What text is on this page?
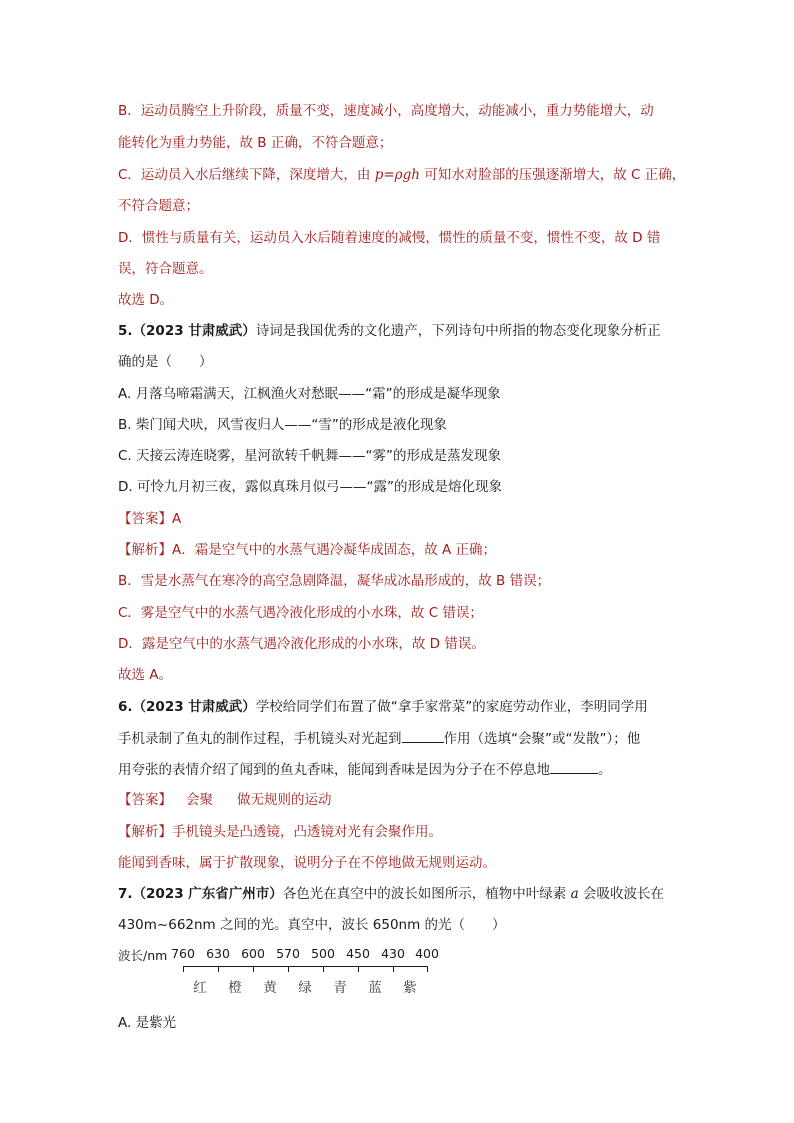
B．运动员腾空上升阶段，质量不变，速度减小，高度增大，动能减小，重力势能增大，动
能转化为重力势能，故 B 正确，不符合题意；
C．运动员入水后继续下降，深度增大，由 p=ρgh 可知水对脸部的压强逐渐增大，故 C 正确，
不符合题意；
D．惯性与质量有关，运动员入水后随着速度的减慢，惯性的质量不变，惯性不变，故 D 错
误，符合题意。
故选 D。
5.（2023 甘肃威武）诗词是我国优秀的文化遗产，下列诗句中所指的物态变化现象分析正
确的是（　　）
A. 月落乌啼霜满天，江枫渔火对愁眠——“霜”的形成是凝华现象
B. 柴门闻犬吠，风雪夜归人——“雪”的形成是液化现象
C. 天接云涛连晓雾，星河欲转千帆舞——“雾”的形成是蒸发现象
D. 可怜九月初三夜，露似真珠月似弓——“露”的形成是熔化现象
【答案】A
【解析】A．霜是空气中的水蒸气遇冷凝华成固态，故 A 正确；
B．雪是水蒸气在寒冷的高空急剧降温，凝华成冰晶形成的，故 B 错误；
C．雾是空气中的水蒸气遇冷液化形成的小水珠，故 C 错误；
D．露是空气中的水蒸气遇冷液化形成的小水珠，故 D 错误。
故选 A。
6.（2023 甘肃威武）学校给同学们布置了做“拿手家常菜”的家庭劳动作业，李明同学用
手机录制了鱼丸的制作过程，手机镜头对光起到	作用（选填“会聚”或“发散”）；他
用夸张的表情介绍了闻到的鱼丸香味，能闻到香味是因为分子在不停息地	。
【答案】 会聚 做无规则的运动
【解析】手机镜头是凸透镜，凸透镜对光有会聚作用。
能闻到香味，属于扩散现象，说明分子在不停地做无规则运动。
7.（2023 广东省广州市）各色光在真空中的波长如图所示，植物中叶绿素 a 会吸收波长在
430m~662nm 之间的光。真空中，波长 650nm 的光（　　）
A. 是紫光
波长/nm 760 630 600 570 500 450 430 400
红 橙 黄 绿 青 蓝 紫
